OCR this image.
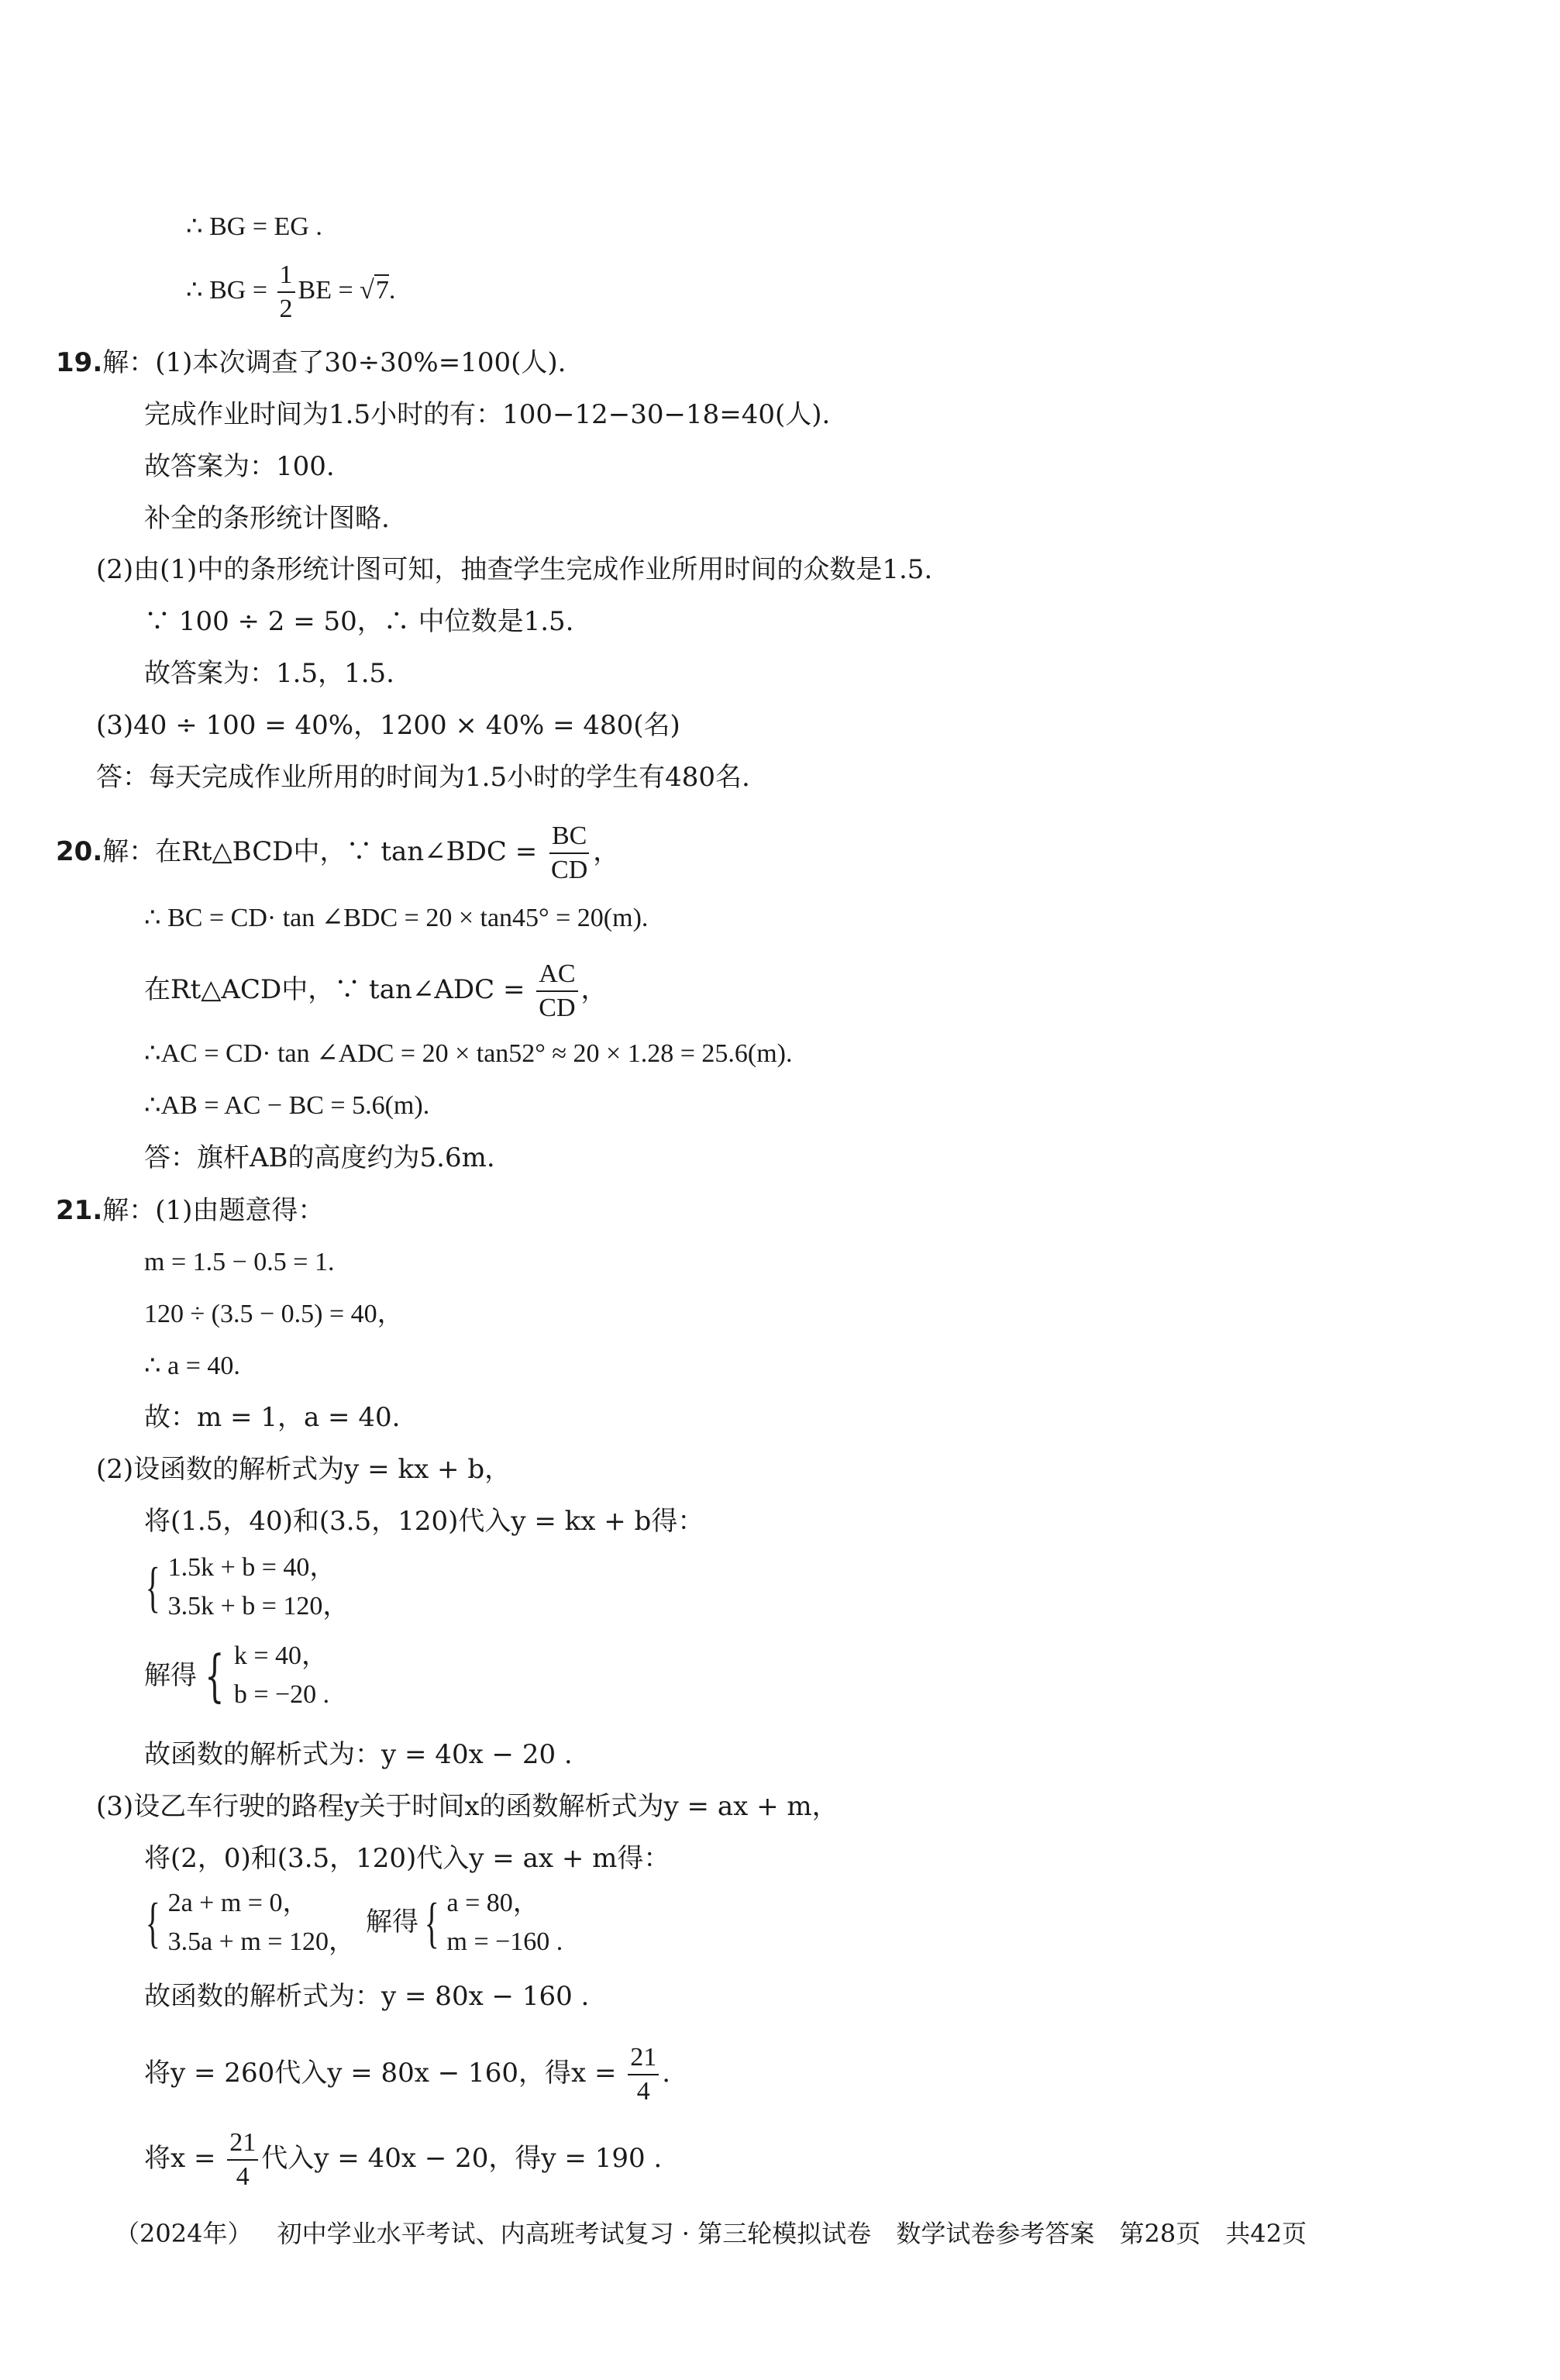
∴ BG = EG .
∴ BG = $\frac{1}{2}$ BE = √7.
19.解：(1)本次调查了30÷30%=100(人).
完成作业时间为1.5小时的有：100−12−30−18=40(人).
故答案为：100.
补全的条形统计图略.
(2)由(1)中的条形统计图可知，抽查学生完成作业所用时间的众数是1.5.
∵ 100 ÷ 2 = 50，∴ 中位数是1.5.
故答案为：1.5，1.5.
(3)40 ÷ 100 = 40%，1200 × 40% = 480(名)
答：每天完成作业所用的时间为1.5小时的学生有480名.
20.解：在Rt△BCD中，∵ tan∠BDC = $\frac{BC}{CD}$ ，
∴ BC = CD· tan ∠BDC = 20 × tan45° = 20(m).
在Rt△ACD中，∵ tan∠ADC = $\frac{AC}{CD}$ ，
∴AC = CD· tan ∠ADC = 20 × tan52° ≈ 20 × 1.28 = 25.6(m).
∴AB = AC − BC = 5.6(m).
答：旗杆AB的高度约为5.6m.
21.解：(1)由题意得：
m = 1.5 − 0.5 = 1.
120 ÷ (3.5 − 0.5) = 40，
∴ a = 40.
故：m = 1，a = 40.
(2)设函数的解析式为y = kx + b，
将(1.5，40)和(3.5，120)代入y = kx + b得：
{ 1.5k + b = 40，
3.5k + b = 120，
解得 { k = 40，
b = −20 .
故函数的解析式为：y = 40x − 20 .
(3)设乙车行驶的路程y关于时间x的函数解析式为y = ax + m，
将(2，0)和(3.5，120)代入y = ax + m得：
{ 2a + m = 0，
3.5a + m = 120，
解得 { a = 80，
m = −160 .
故函数的解析式为：y = 80x − 160 .
将y = 260代入y = 80x − 160，得$x = \frac{21}{4}$ .
将$x = \frac{21}{4}$ 代入y = 40x − 20，得y = 190 .
（2024年） 初中学业水平考试、内高班考试复习 · 第三轮模拟试卷 数学试卷参考答案 第28页 共42页
